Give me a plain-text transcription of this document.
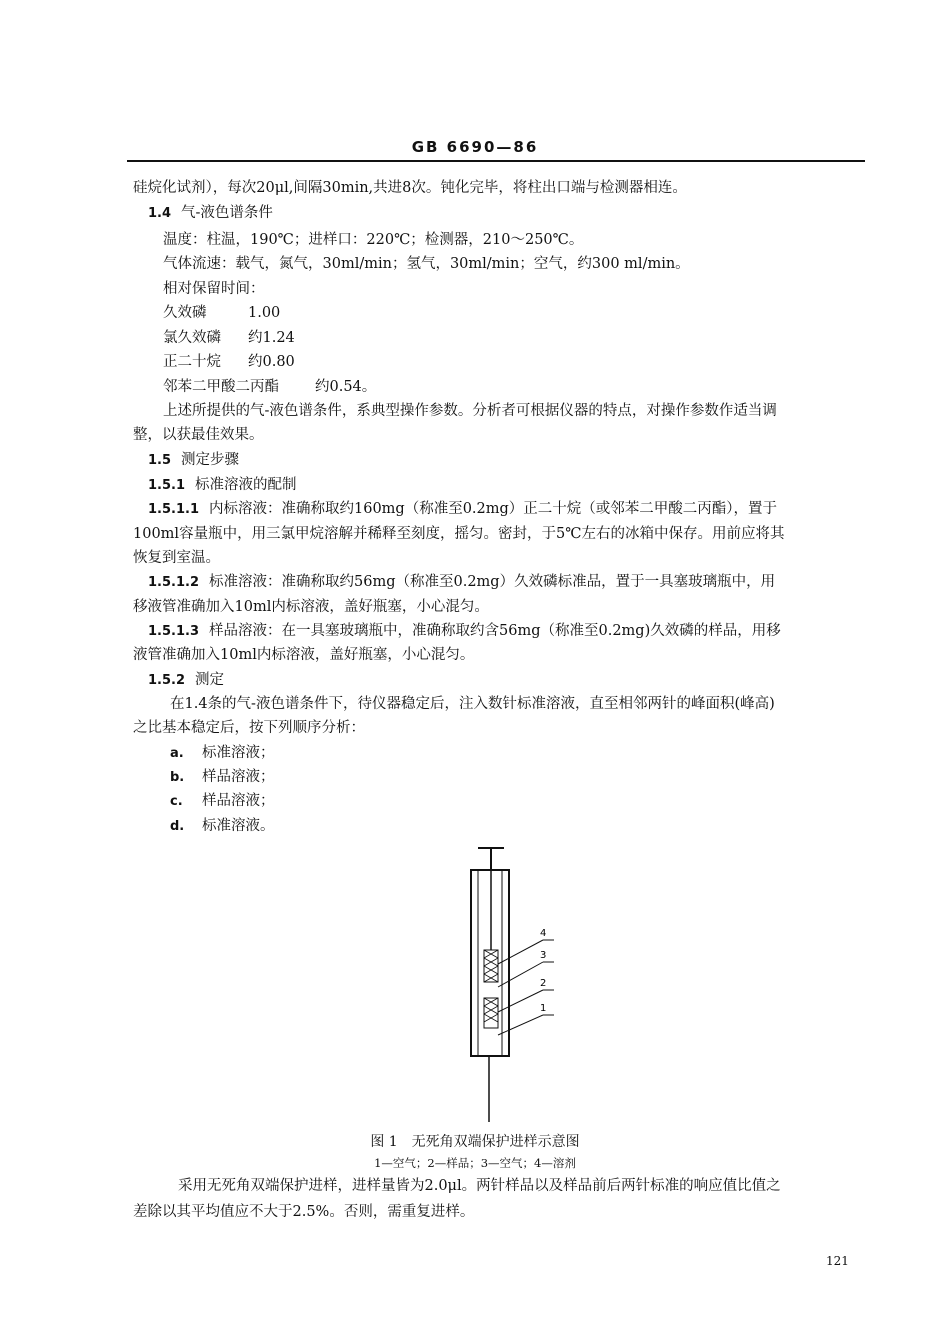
GB 6690—86
硅烷化试剂），每次20μl,间隔30min,共进8次。钝化完毕，将柱出口端与检测器相连。
1.4 气-液色谱条件
温度：柱温，190℃；进样口：220℃；检测器，210～250℃。
气体流速：载气，氮气，30ml/min；氢气，30ml/min；空气，约300 ml/min。
相对保留时间：
久效磷	1.00
氯久效磷 约1.24
正二十烷 约0.80
邻苯二甲酸二丙酯 约0.54。
上述所提供的气-液色谱条件，系典型操作参数。分析者可根据仪器的特点，对操作参数作适当调
整，以获最佳效果。
1.5 测定步骤
1.5.1 标准溶液的配制
1.5.1.1 内标溶液：准确称取约160mg（称准至0.2mg）正二十烷（或邻苯二甲酸二丙酯），置于
100ml容量瓶中，用三氯甲烷溶解并稀释至刻度，摇匀。密封，于5℃左右的冰箱中保存。用前应将其
恢复到室温。
1.5.1.2 标准溶液：准确称取约56mg（称准至0.2mg）久效磷标准品，置于一具塞玻璃瓶中，用
移液管准确加入10ml内标溶液，盖好瓶塞，小心混匀。
1.5.1.3 样品溶液：在一具塞玻璃瓶中，准确称取约含56mg（称准至0.2mg)久效磷的样品，用移
液管准确加入10ml内标溶液，盖好瓶塞，小心混匀。
1.5.2 测定
在1.4条的气-液色谱条件下，待仪器稳定后，注入数针标准溶液，直至相邻两针的峰面积(峰高)
之比基本稳定后，按下列顺序分析：
a. 标准溶液；
b. 样品溶液；
c. 样品溶液；
d. 标准溶液。
4
3
2
1
图 1　无死角双端保护进样示意图
1—空气；2—样品；3—空气；4—溶剂
采用无死角双端保护进样，进样量皆为2.0μl。两针样品以及样品前后两针标准的响应值比值之
差除以其平均值应不大于2.5%。否则，需重复进样。
121
